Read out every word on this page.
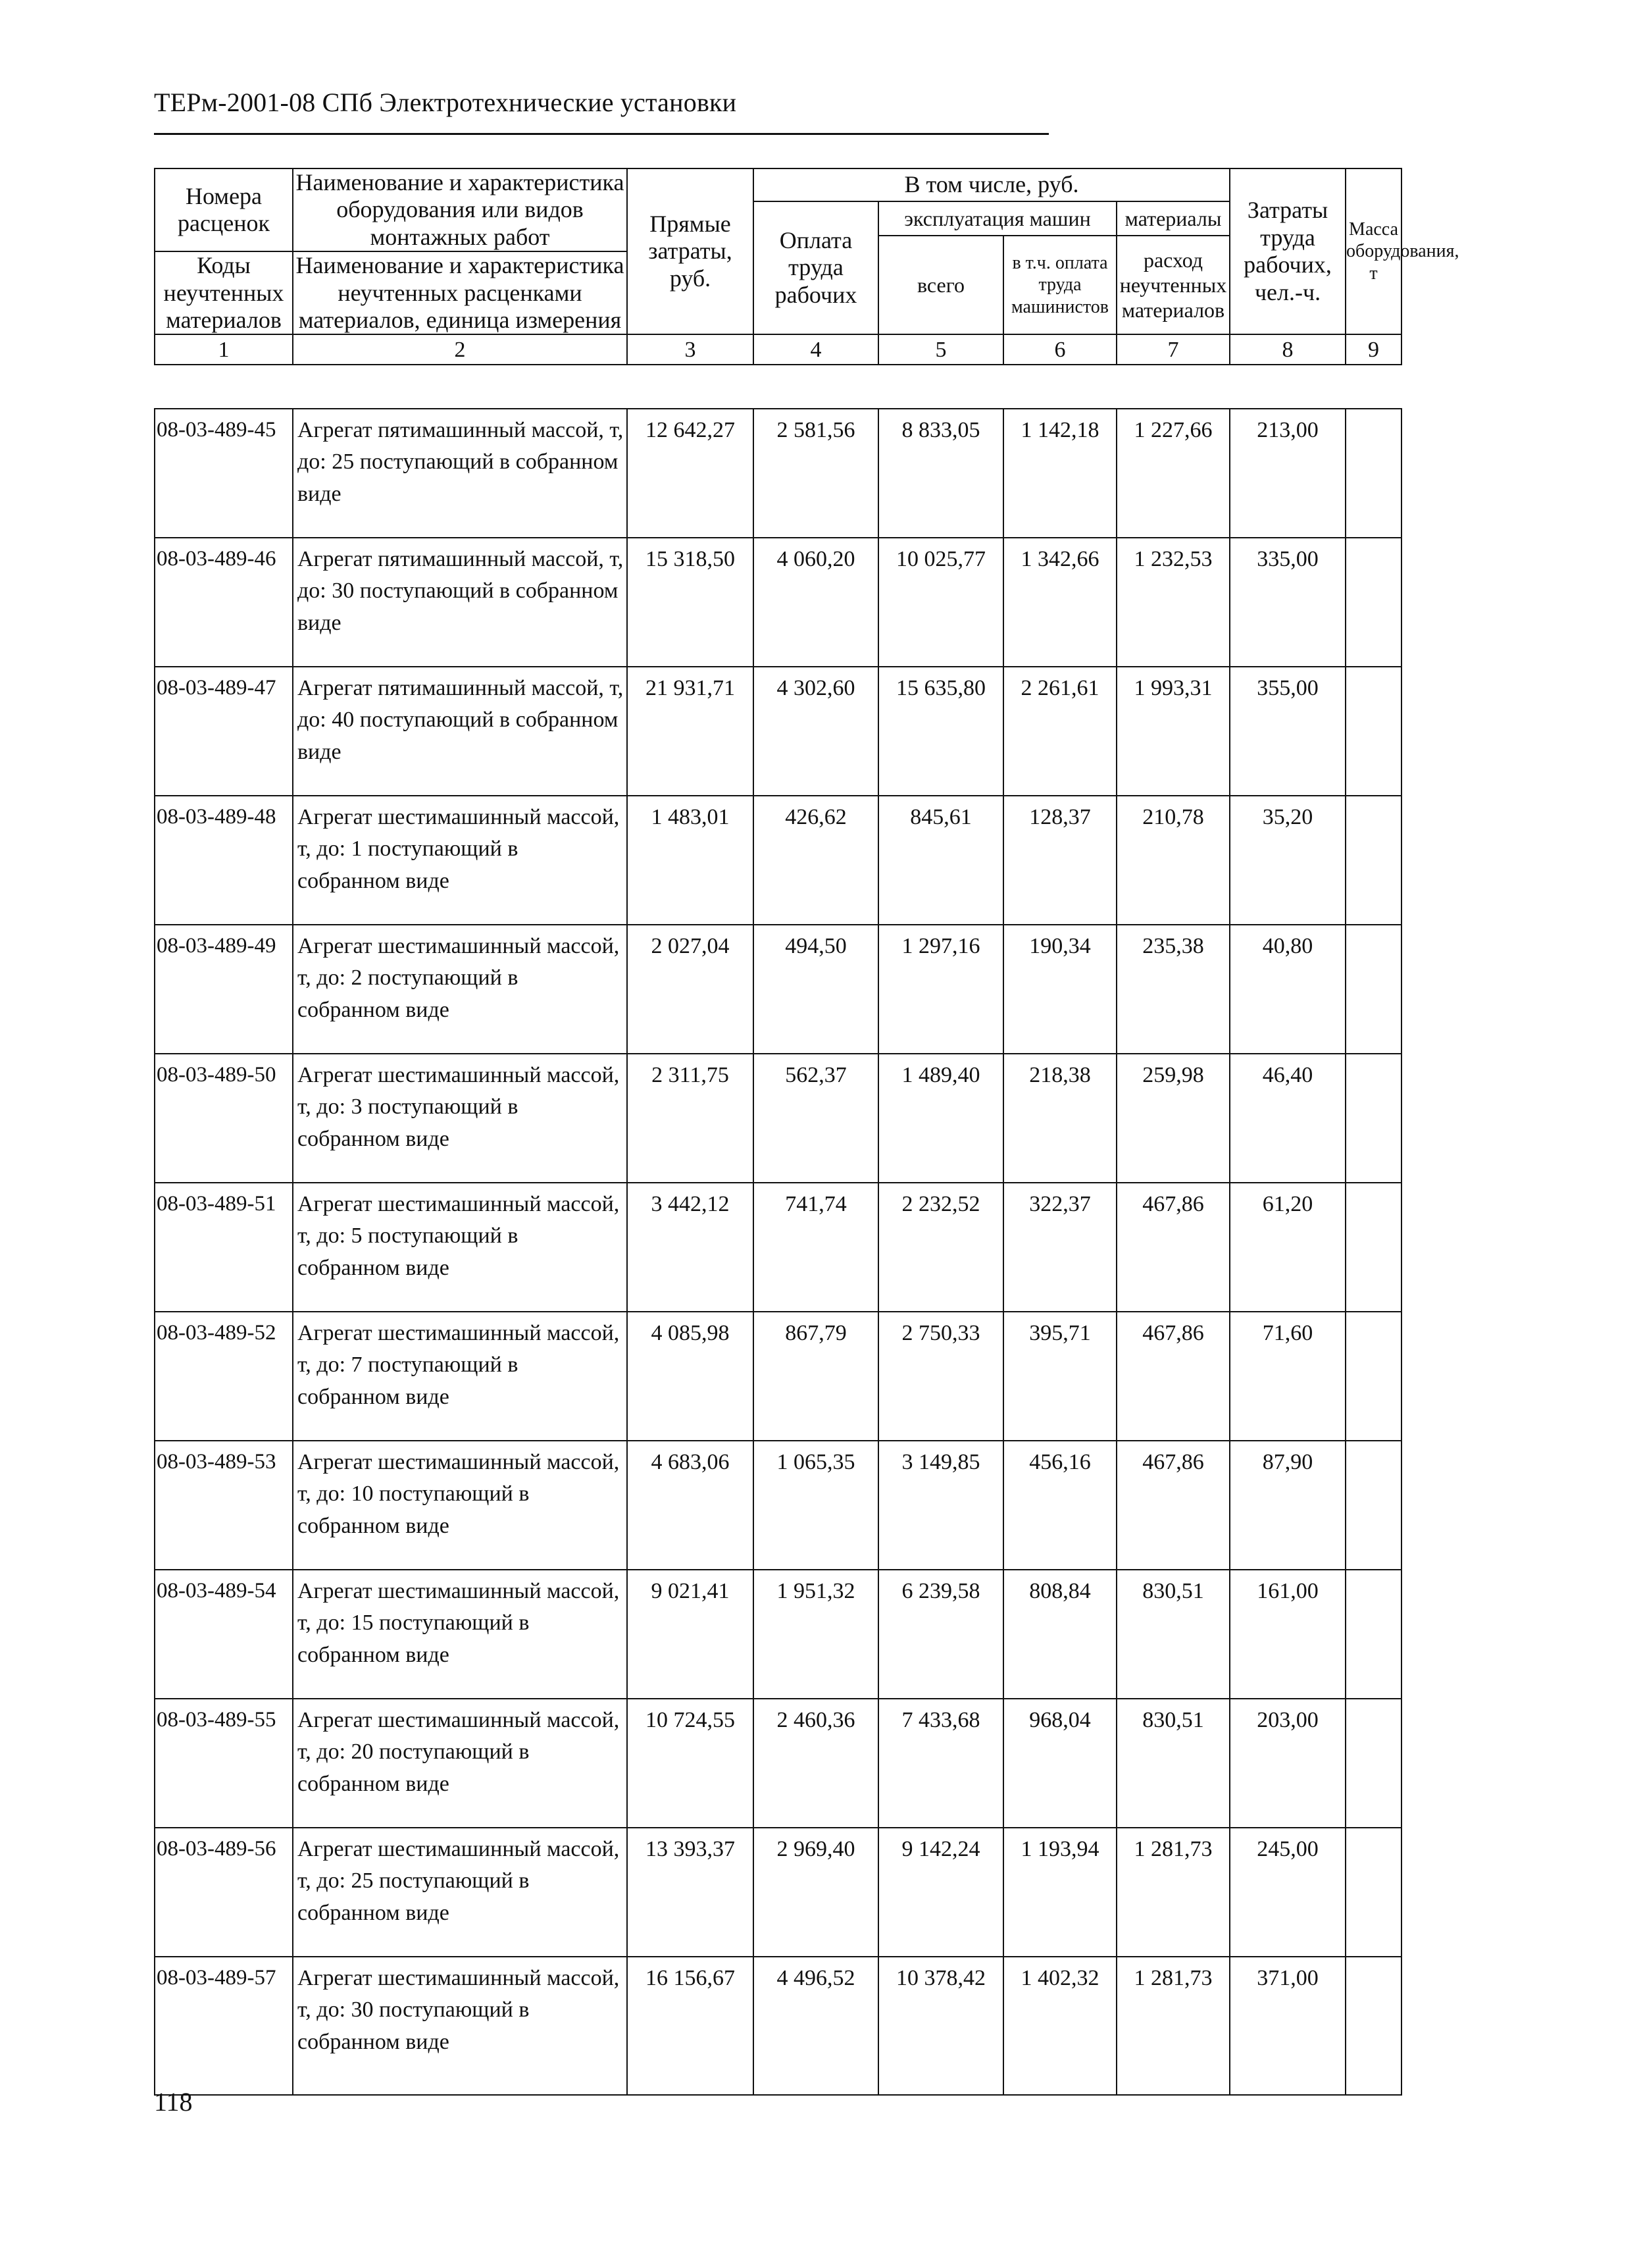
ТЕРм-2001-08 СПб Электротехнические установки
Номера расценок	Наименование и характеристика оборудования или видов монтажных работ	Прямые затраты, руб.	В том числе, руб.				Затраты труда рабочих, чел.-ч.	Масса оборудования, т
			Оплата труда рабочих	эксплуатация машин		материалы		
				всего	в т.ч. оплата труда машинистов	расход неучтенных материалов		
Коды неучтенных материалов	Наименование и характеристика неучтенных расценками материалов, единица измерения							

1	2	3	4	5	6	7	8	9
08-03-489-45	Агрегат пятимашинный массой, т, до: 25 поступающий в собранном виде	12 642,27	2 581,56	8 833,05	1 142,18	1 227,66	213,00	
08-03-489-46	Агрегат пятимашинный массой, т, до: 30 поступающий в собранном виде	15 318,50	4 060,20	10 025,77	1 342,66	1 232,53	335,00	
08-03-489-47	Агрегат пятимашинный массой, т, до: 40 поступающий в собранном виде	21 931,71	4 302,60	15 635,80	2 261,61	1 993,31	355,00	
08-03-489-48	Агрегат шестимашинный массой, т, до: 1 поступающий в собранном виде	1 483,01	426,62	845,61	128,37	210,78	35,20	
08-03-489-49	Агрегат шестимашинный массой, т, до: 2 поступающий в собранном виде	2 027,04	494,50	1 297,16	190,34	235,38	40,80	
08-03-489-50	Агрегат шестимашинный массой, т, до: 3 поступающий в собранном виде	2 311,75	562,37	1 489,40	218,38	259,98	46,40	
08-03-489-51	Агрегат шестимашинный массой, т, до: 5 поступающий в собранном виде	3 442,12	741,74	2 232,52	322,37	467,86	61,20	
08-03-489-52	Агрегат шестимашинный массой, т, до: 7 поступающий в собранном виде	4 085,98	867,79	2 750,33	395,71	467,86	71,60	
08-03-489-53	Агрегат шестимашинный массой, т, до: 10 поступающий в собранном виде	4 683,06	1 065,35	3 149,85	456,16	467,86	87,90	
08-03-489-54	Агрегат шестимашинный массой, т, до: 15 поступающий в собранном виде	9 021,41	1 951,32	6 239,58	808,84	830,51	161,00	
08-03-489-55	Агрегат шестимашинный массой, т, до: 20 поступающий в собранном виде	10 724,55	2 460,36	7 433,68	968,04	830,51	203,00	
08-03-489-56	Агрегат шестимашинный массой, т, до: 25 поступающий в собранном виде	13 393,37	2 969,40	9 142,24	1 193,94	1 281,73	245,00	
08-03-489-57	Агрегат шестимашинный массой, т, до: 30 поступающий в собранном виде	16 156,67	4 496,52	10 378,42	1 402,32	1 281,73	371,00	
118
